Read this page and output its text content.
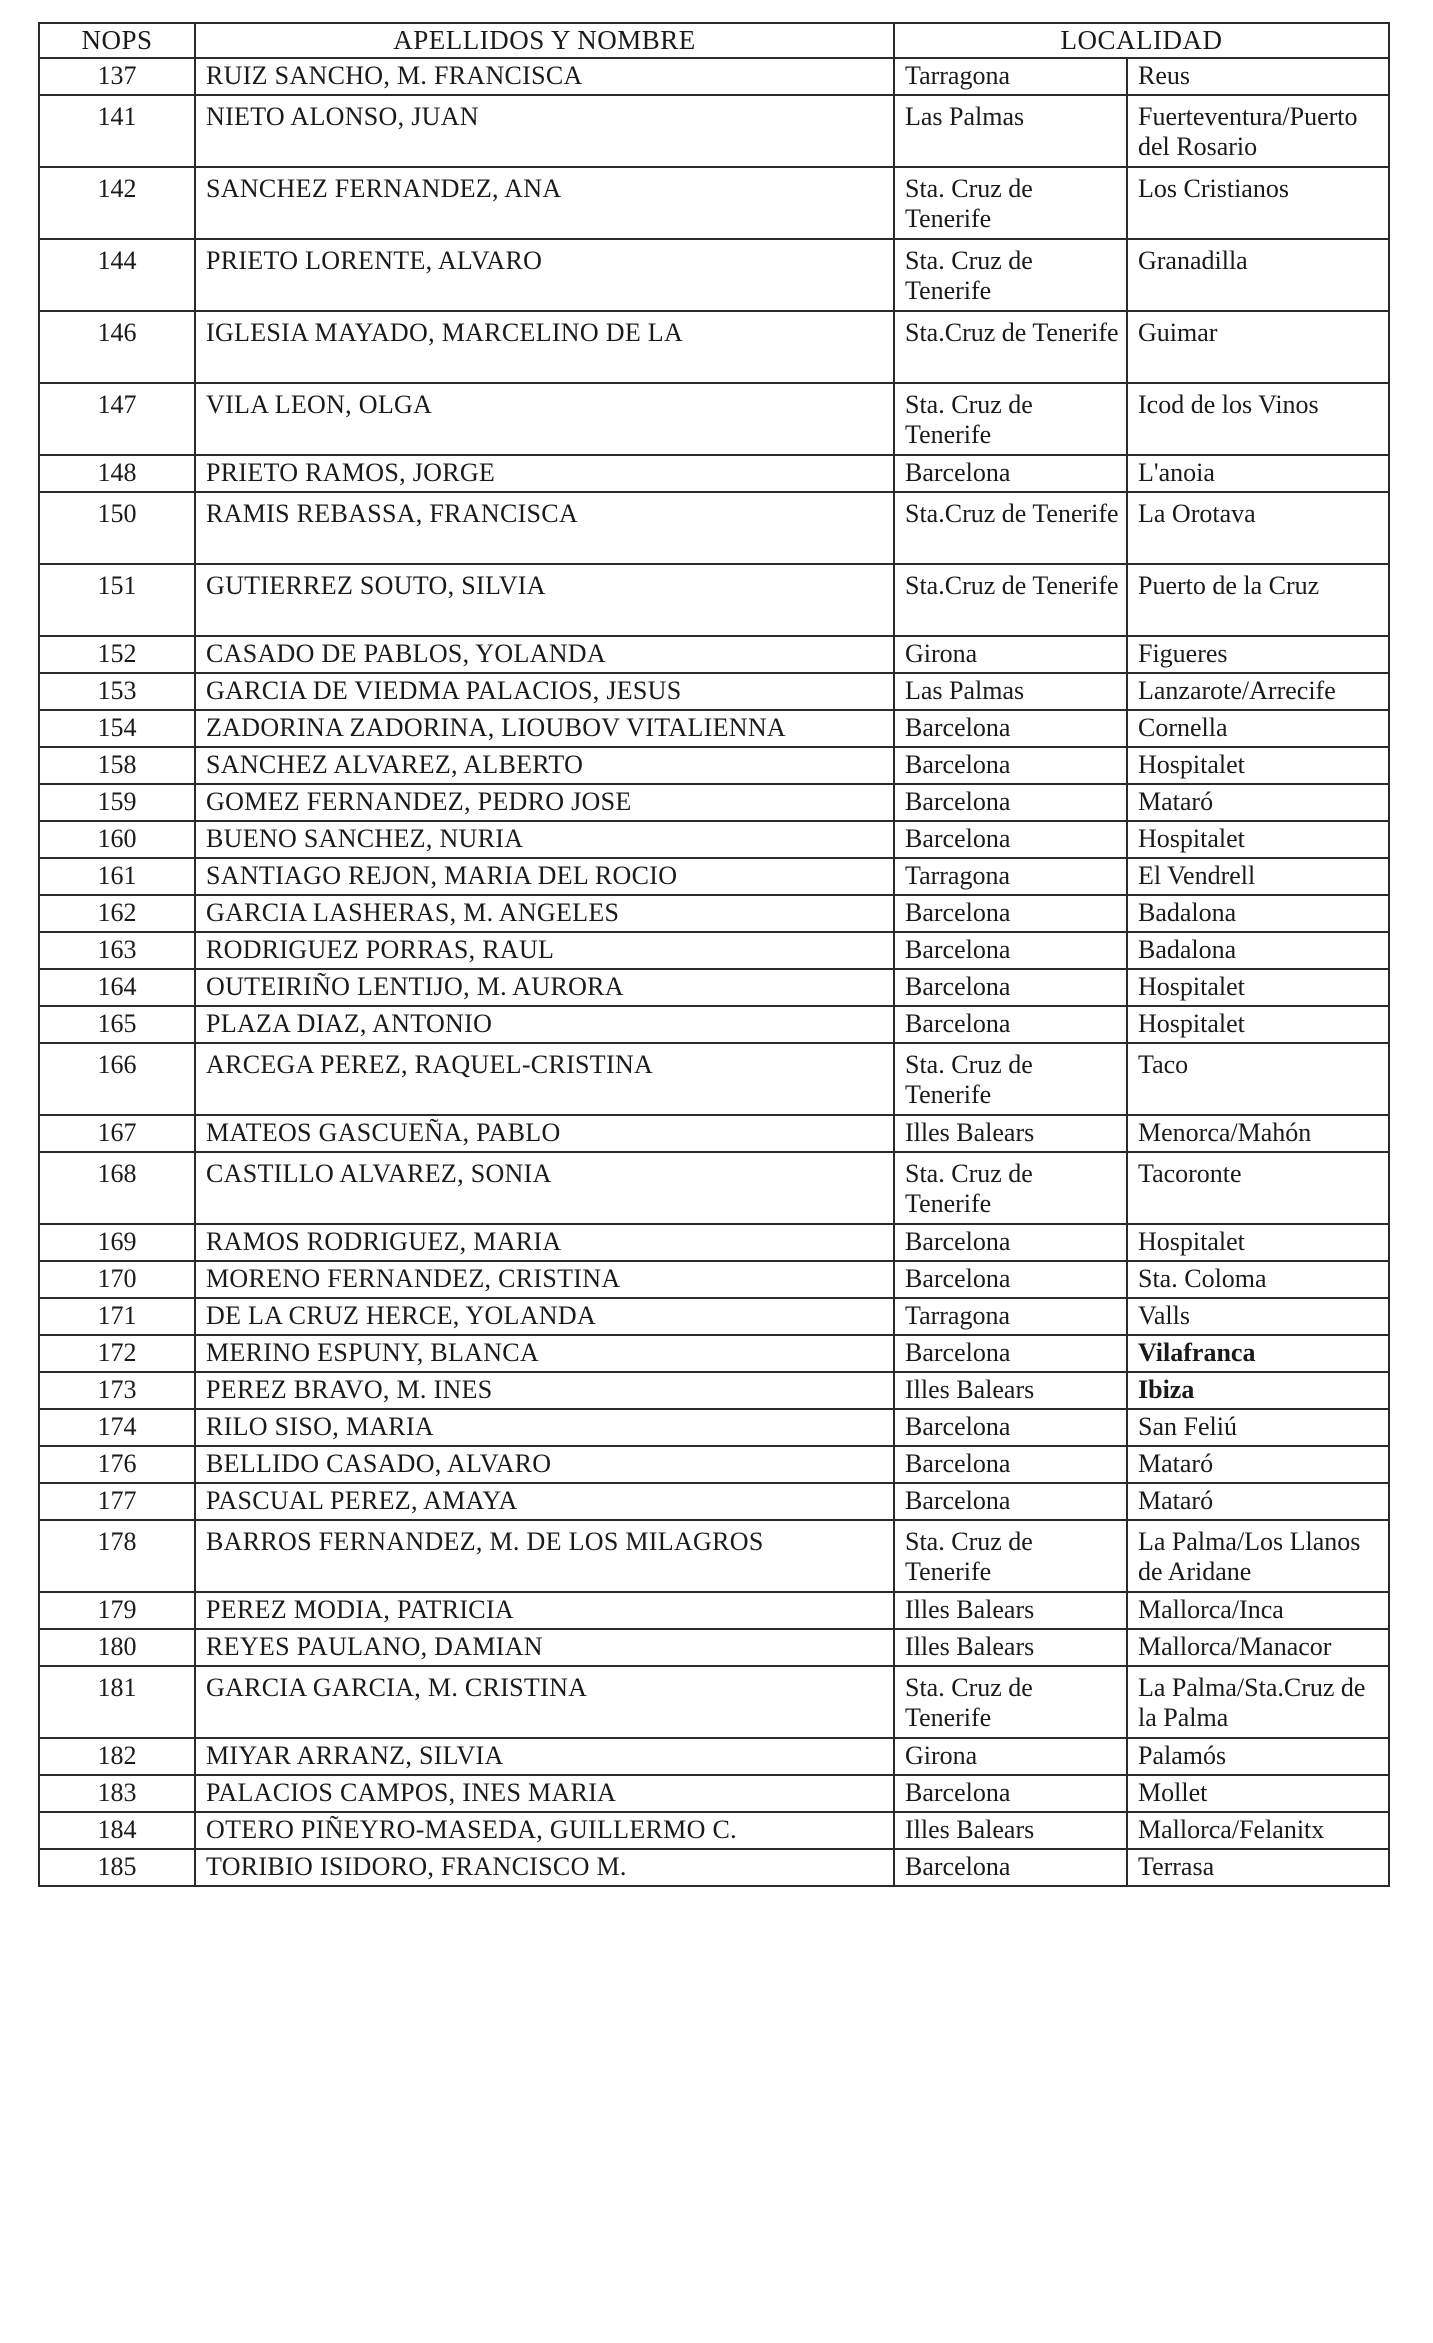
NOPS	APELLIDOS Y NOMBRE	LOCALIDAD	
137	RUIZ SANCHO, M. FRANCISCA	Tarragona	Reus
141	NIETO ALONSO, JUAN	Las Palmas	Fuerteventura/Puerto del Rosario
142	SANCHEZ FERNANDEZ, ANA	Sta. Cruz de Tenerife	Los Cristianos
144	PRIETO LORENTE, ALVARO	Sta. Cruz de Tenerife	Granadilla
146	IGLESIA MAYADO, MARCELINO DE LA	Sta.Cruz de Tenerife	Guimar
147	VILA LEON, OLGA	Sta. Cruz de Tenerife	Icod de los Vinos
148	PRIETO RAMOS, JORGE	Barcelona	L'anoia
150	RAMIS REBASSA, FRANCISCA	Sta.Cruz de Tenerife	La Orotava
151	GUTIERREZ SOUTO, SILVIA	Sta.Cruz de Tenerife	Puerto de la Cruz
152	CASADO DE PABLOS, YOLANDA	Girona	Figueres
153	GARCIA DE VIEDMA PALACIOS, JESUS	Las Palmas	Lanzarote/Arrecife
154	ZADORINA ZADORINA, LIOUBOV VITALIENNA	Barcelona	Cornella
158	SANCHEZ ALVAREZ, ALBERTO	Barcelona	Hospitalet
159	GOMEZ FERNANDEZ, PEDRO JOSE	Barcelona	Mataró
160	BUENO SANCHEZ, NURIA	Barcelona	Hospitalet
161	SANTIAGO REJON, MARIA DEL ROCIO	Tarragona	El Vendrell
162	GARCIA LASHERAS, M. ANGELES	Barcelona	Badalona
163	RODRIGUEZ PORRAS, RAUL	Barcelona	Badalona
164	OUTEIRIÑO LENTIJO, M. AURORA	Barcelona	Hospitalet
165	PLAZA DIAZ, ANTONIO	Barcelona	Hospitalet
166	ARCEGA PEREZ, RAQUEL-CRISTINA	Sta. Cruz de Tenerife	Taco
167	MATEOS GASCUEÑA, PABLO	Illes Balears	Menorca/Mahón
168	CASTILLO ALVAREZ, SONIA	Sta. Cruz de Tenerife	Tacoronte
169	RAMOS RODRIGUEZ, MARIA	Barcelona	Hospitalet
170	MORENO FERNANDEZ, CRISTINA	Barcelona	Sta. Coloma
171	DE LA CRUZ HERCE, YOLANDA	Tarragona	Valls
172	MERINO ESPUNY, BLANCA	Barcelona	Vilafranca
173	PEREZ BRAVO, M. INES	Illes Balears	Ibiza
174	RILO SISO, MARIA	Barcelona	San Feliú
176	BELLIDO CASADO, ALVARO	Barcelona	Mataró
177	PASCUAL PEREZ, AMAYA	Barcelona	Mataró
178	BARROS FERNANDEZ, M. DE LOS MILAGROS	Sta. Cruz de Tenerife	La Palma/Los Llanos de Aridane
179	PEREZ MODIA, PATRICIA	Illes Balears	Mallorca/Inca
180	REYES PAULANO, DAMIAN	Illes Balears	Mallorca/Manacor
181	GARCIA GARCIA, M. CRISTINA	Sta. Cruz de Tenerife	La Palma/Sta.Cruz de la Palma
182	MIYAR ARRANZ, SILVIA	Girona	Palamós
183	PALACIOS CAMPOS, INES MARIA	Barcelona	Mollet
184	OTERO PIÑEYRO-MASEDA, GUILLERMO C.	Illes Balears	Mallorca/Felanitx
185	TORIBIO ISIDORO, FRANCISCO M.	Barcelona	Terrasa
